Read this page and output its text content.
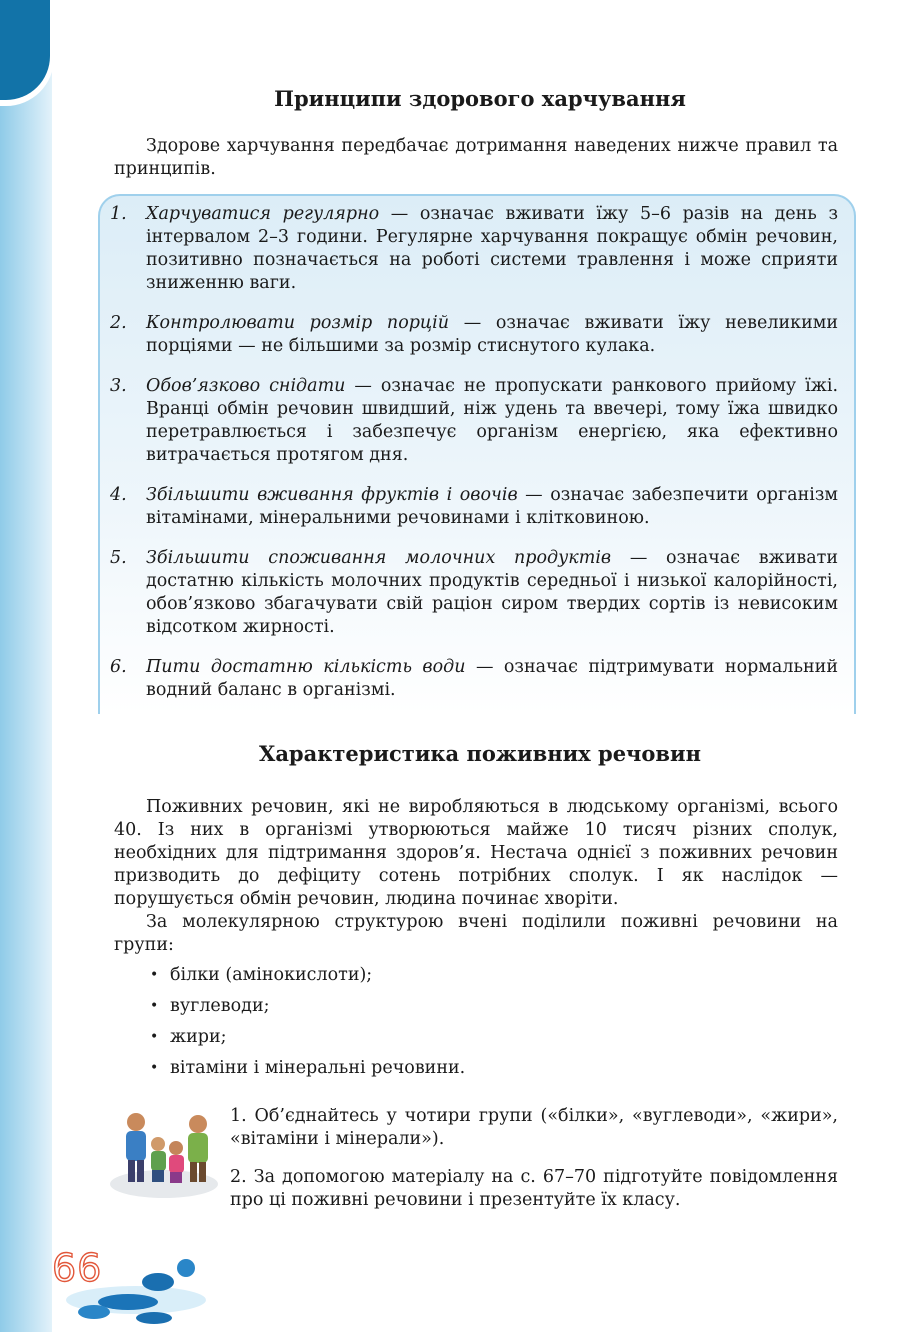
Принципи здорового харчування

Здорове харчування передбачає дотримання наведених нижче правил та принципів.

1. Харчуватися регулярно — означає вживати їжу 5–6 разів на день з інтервалом 2–3 години. Регулярне харчування покращує обмін речовин, позитивно позначається на роботі системи травлення і може сприяти зниженню ваги.
2. Контролювати розмір порцій — означає вживати їжу невеликими порціями — не більшими за розмір стиснутого кулака.
3. Обов’язково снідати — означає не пропускати ранкового прийому їжі. Вранці обмін речовин швидший, ніж удень та ввечері, тому їжа швидко перетравлюється і забезпечує організм енергією, яка ефективно витрачається протягом дня.
4. Збільшити вживання фруктів і овочів — означає забезпечити організм вітамінами, мінеральними речовинами і клітковиною.
5. Збільшити споживання молочних продуктів — означає вживати достатню кількість молочних продуктів середньої і низької калорійності, обов’язково збагачувати свій раціон сиром твердих сортів із невисоким відсотком жирності.
6. Пити достатню кількість води — означає підтримувати нормальний водний баланс в організмі.
Характеристика поживних речовин

Поживних речовин, які не виробляються в людському організмі, всього 40. Із них в організмі утворюються майже 10 тисяч різних сполук, необхідних для підтримання здоров’я. Нестача однієї з поживних речовин призводить до дефіциту сотень потрібних сполук. І як наслідок — порушується обмін речовин, людина починає хворіти.

За молекулярною структурою вчені поділили поживні речовини на групи:

• білки (амінокислоти);
• вуглеводи;
• жири;
• вітаміни і мінеральні речовини.
1. Об’єднайтесь у чотири групи («білки», «вуглеводи», «жири», «вітаміни і мінерали»).
2. За допомогою матеріалу на с. 67–70 підготуйте повідомлення про ці поживні речовини і презентуйте їх класу.

66
